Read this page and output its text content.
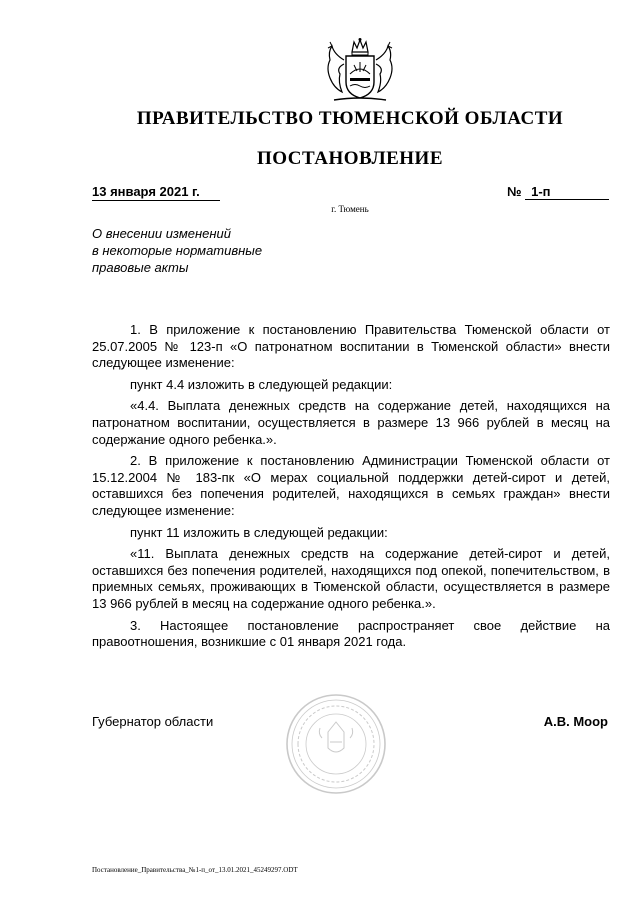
ПРАВИТЕЛЬСТВО ТЮМЕНСКОЙ ОБЛАСТИ
ПОСТАНОВЛЕНИЕ
13 января 2021 г.	№ 1-п
г. Тюмень
О внесении изменений
в некоторые нормативные
правовые акты

1. В приложение к постановлению Правительства Тюменской области от 25.07.2005 № 123-п «О патронатном воспитании в Тюменской области» внести следующее изменение:

пункт 4.4 изложить в следующей редакции:

«4.4. Выплата денежных средств на содержание детей, находящихся на патронатном воспитании, осуществляется в размере 13 966 рублей в месяц на содержание одного ребенка.».

2. В приложение к постановлению Администрации Тюменской области от 15.12.2004 № 183-пк «О мерах социальной поддержки детей-сирот и детей, оставшихся без попечения родителей, находящихся в семьях граждан» внести следующее изменение:

пункт 11 изложить в следующей редакции:

«11. Выплата денежных средств на содержание детей-сирот и детей, оставшихся без попечения родителей, находящихся под опекой, попечительством, в приемных семьях, проживающих в Тюменской области, осуществляется в размере 13 966 рублей в месяц на содержание одного ребенка.».

3. Настоящее постановление распространяет свое действие на правоотношения, возникшие с 01 января 2021 года.

Губернатор области	А.В. Моор
Постановление_Правительства_№1-п_от_13.01.2021_45249297.ODT
